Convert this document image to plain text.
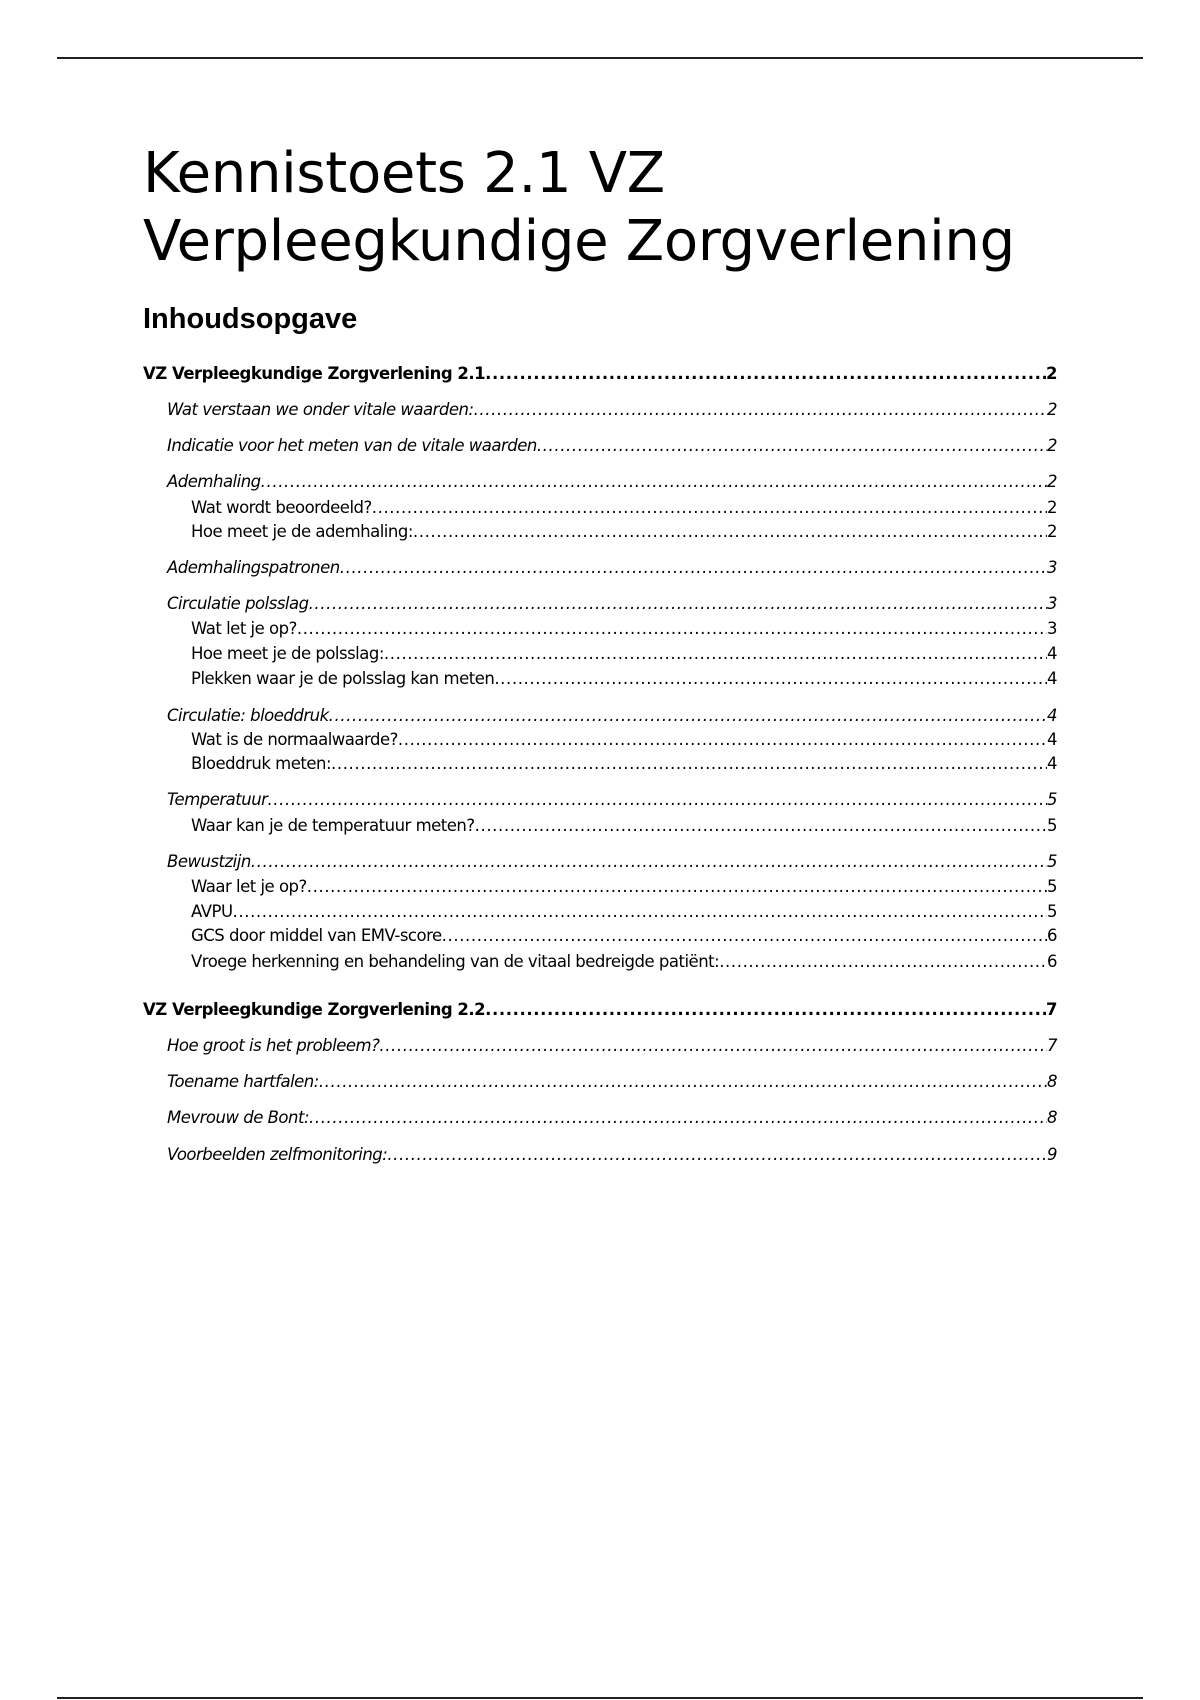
Kennistoets 2.1 VZ
Verpleegkundige Zorgverlening
Inhoudsopgave
VZ Verpleegkundige Zorgverlening 2.1 .....	2
Wat verstaan we onder vitale waarden: .....	2
Indicatie voor het meten van de vitale waarden .....	2
Ademhaling .....	2
Wat wordt beoordeeld? .....	2
Hoe meet je de ademhaling: .....	2
Ademhalingspatronen .....	3
Circulatie polsslag .....	3
Wat let je op? .....	3
Hoe meet je de polsslag: .....	4
Plekken waar je de polsslag kan meten .....	4
Circulatie: bloeddruk .....	4
Wat is de normaalwaarde? .....	4
Bloeddruk meten: .....	4
Temperatuur .....	5
Waar kan je de temperatuur meten? .....	5
Bewustzijn .....	5
Waar let je op? .....	5
AVPU .....	5
GCS door middel van EMV-score .....	6
Vroege herkenning en behandeling van de vitaal bedreigde patiënt: .....	6
VZ Verpleegkundige Zorgverlening 2.2 .....	7
Hoe groot is het probleem? .....	7
Toename hartfalen: .....	8
Mevrouw de Bont: .....	8
Voorbeelden zelfmonitoring: .....	9
